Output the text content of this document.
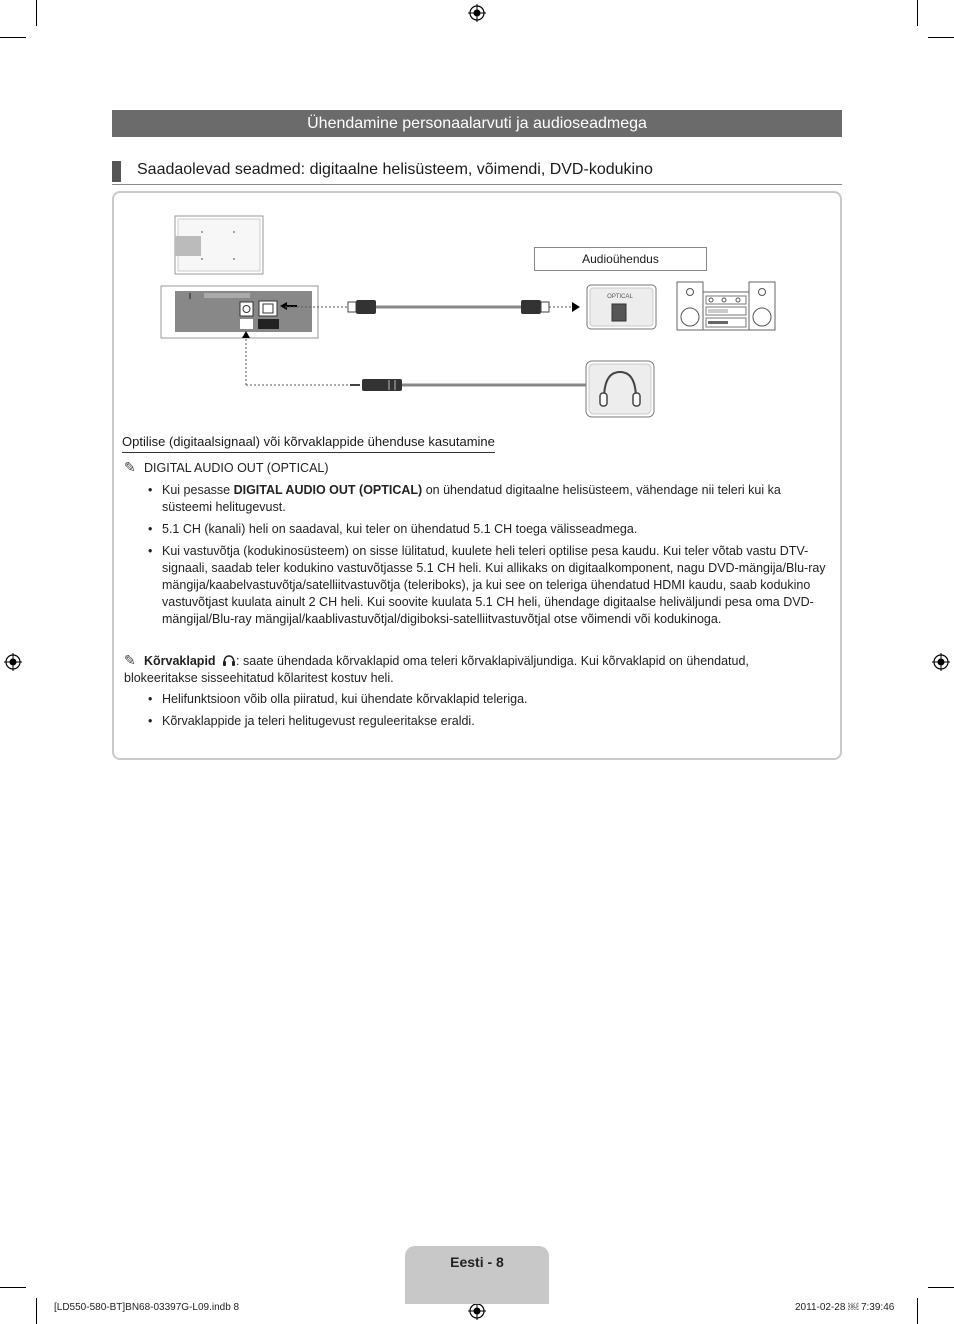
Ühendamine personaalarvuti ja audioseadmega
Saadaolevad seadmed: digitaalne helisüsteem, võimendi, DVD-kodukino
Audioühendus
OPTICAL
Optilise (digitaalsignaal) või kõrvaklappide ühenduse kasutamine
✎ DIGITAL AUDIO OUT (OPTICAL)
• Kui pesasse DIGITAL AUDIO OUT (OPTICAL) on ühendatud digitaalne helisüsteem, vähendage nii teleri kui ka süsteemi helitugevust.
• 5.1 CH (kanali) heli on saadaval, kui teler on ühendatud 5.1 CH toega välisseadmega.
• Kui vastuvõtja (kodukinosüsteem) on sisse lülitatud, kuulete heli teleri optilise pesa kaudu. Kui teler võtab vastu DTV-signaali, saadab teler kodukino vastuvõtjasse 5.1 CH heli. Kui allikaks on digitaalkomponent, nagu DVD-mängija/Blu-ray mängija/kaabelvastuvõtja/satelliitvastuvõtja (teleriboks), ja kui see on teleriga ühendatud HDMI kaudu, saab kodukino vastuvõtjast kuulata ainult 2 CH heli. Kui soovite kuulata 5.1 CH heli, ühendage digitaalse heliväljundi pesa oma DVD-mängijal/Blu-ray mängijal/kaablivastuvõtjal/digiboksi-satelliitvastuvõtjal otse võimendi või kodukinoga.
✎ Kõrvaklapid : saate ühendada kõrvaklapid oma teleri kõrvaklapiväljundiga. Kui kõrvaklapid on ühendatud, blokeeritakse sisseehitatud kõlaritest kostuv heli.
• Helifunktsioon võib olla piiratud, kui ühendate kõrvaklapid teleriga.
• Kõrvaklappide ja teleri helitugevust reguleeritakse eraldi.
Eesti - 8
[LD550-580-BT]BN68-03397G-L09.indb 8	2011-02-28 ￼ 7:39:46
